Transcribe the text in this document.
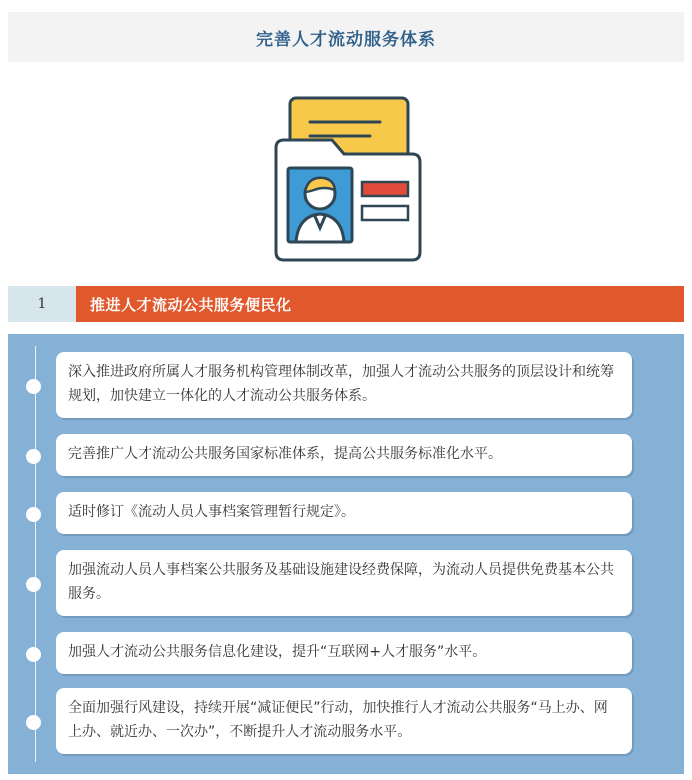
完善人才流动服务体系
1	推进人才流动公共服务便民化
深入推进政府所属人才服务机构管理体制改革，加强人才流动公共服务的顶层设计和统筹规划，加快建立一体化的人才流动公共服务体系。
完善推广人才流动公共服务国家标准体系，提高公共服务标准化水平。
适时修订《流动人员人事档案管理暂行规定》。
加强流动人员人事档案公共服务及基础设施建设经费保障，为流动人员提供免费基本公共服务。
加强人才流动公共服务信息化建设，提升“互联网+人才服务”水平。
全面加强行风建设，持续开展“减证便民”行动，加快推行人才流动公共服务“马上办、网上办、就近办、一次办”，不断提升人才流动服务水平。
